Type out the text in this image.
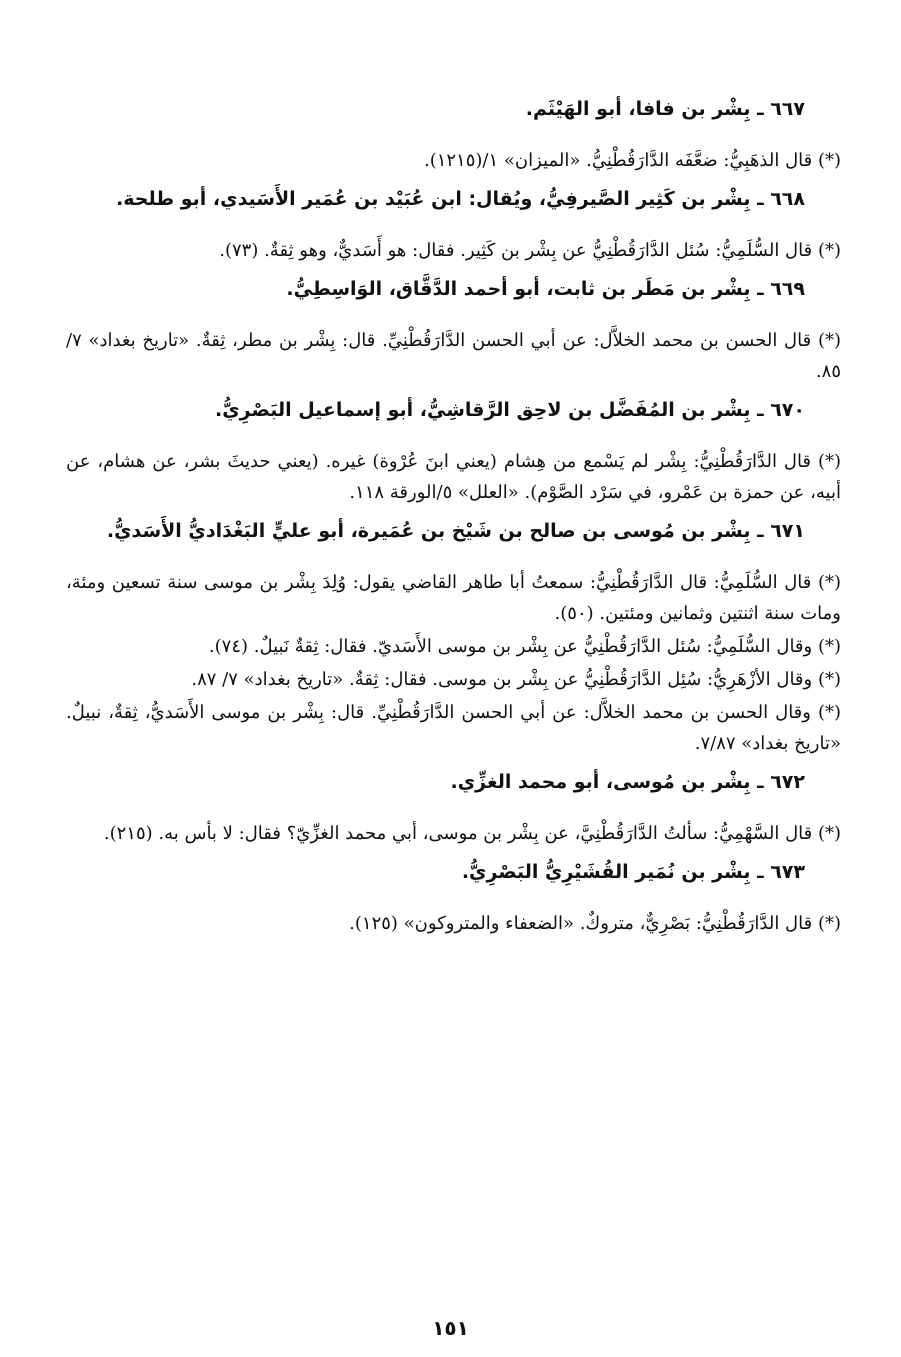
٦٦٧ ـ بِشْر بن فافا، أبو الهَيْثَم.

(*) قال الذهَبِيُّ: ضعَّفَه الدَّارَقُطْنِيُّ. «الميزان» ١/(١٢١٥).

٦٦٨ ـ بِشْر بن كَثِير الصَّيرفِيُّ، ويُقال: ابن عُبَيْد بن عُمَير الأَسَيدي، أبو طلحة.

(*) قال السُّلَمِيُّ: سُئل الدَّارَقُطْنِيُّ عن بِشْر بن كَثِير. فقال: هو أَسَديٌّ، وهو ثِقةٌ. (٧٣).

٦٦٩ ـ بِشْر بن مَطَر بن ثابت، أبو أحمد الدَّقَّاق، الوَاسِطِيُّ.

(*) قال الحسن بن محمد الخلاَّل: عن أبي الحسن الدَّارَقُطْنِيِّ. قال: بِشْر بن مطر، ثِقةٌ. «تاريخ بغداد» ٧/ ٨٥.

٦٧٠ ـ بِشْر بن المُفَضَّل بن لاحِق الرَّقاشِيُّ، أبو إسماعيل البَصْرِيُّ.

(*) قال الدَّارَقُطْنِيُّ: بِشْر لم يَسْمع من هِشام (يعني ابنَ عُرْوة) غيره. (يعني حديثَ بشر، عن هشام، عن أبيه، عن حمزة بن عَمْرو، في سَرْد الصَّوْم). «العلل» ٥/الورقة ١١٨.

٦٧١ ـ بِشْر بن مُوسى بن صالح بن شَيْخ بن عُمَيرة، أبو عليٍّ البَغْدَاديُّ الأَسَديُّ.

(*) قال السُّلَمِيُّ: قال الدَّارَقُطْنِيُّ: سمعتُ أبا طاهر القاضي يقول: وُلِدَ بِشْر بن موسى سنة تسعين ومئة، ومات سنة اثنتين وثمانين ومئتين. (٥٠).

(*) وقال السُّلَمِيُّ: سُئل الدَّارَقُطْنِيُّ عن بِشْر بن موسى الأَسَديّ. فقال: ثِقةٌ نَبيلٌ. (٧٤).

(*) وقال الأزْهَرِيُّ: سُئِل الدَّارَقُطْنِيُّ عن بِشْر بن موسى. فقال: ثِقةٌ. «تاريخ بغداد» ٧/ ٨٧.

(*) وقال الحسن بن محمد الخلاَّل: عن أبي الحسن الدَّارَقُطْنِيِّ. قال: بِشْر بن موسى الأَسَديُّ، ثِقةٌ، نبيلٌ. «تاريخ بغداد» ٧/٨٧.

٦٧٢ ـ بِشْر بن مُوسى، أبو محمد الغزِّي.

(*) قال السَّهْمِيُّ: سألتُ الدَّارَقُطْنِيَّ، عن بِشْر بن موسى، أبي محمد الغزِّيّ؟ فقال: لا بأس به. (٢١٥).

٦٧٣ ـ بِشْر بن نُمَير القُشَيْرِيُّ البَصْرِيُّ.

(*) قال الدَّارَقُطْنِيُّ: بَصْرِيٌّ، متروكٌ. «الضعفاء والمتروكون» (١٢٥).

١٥١
